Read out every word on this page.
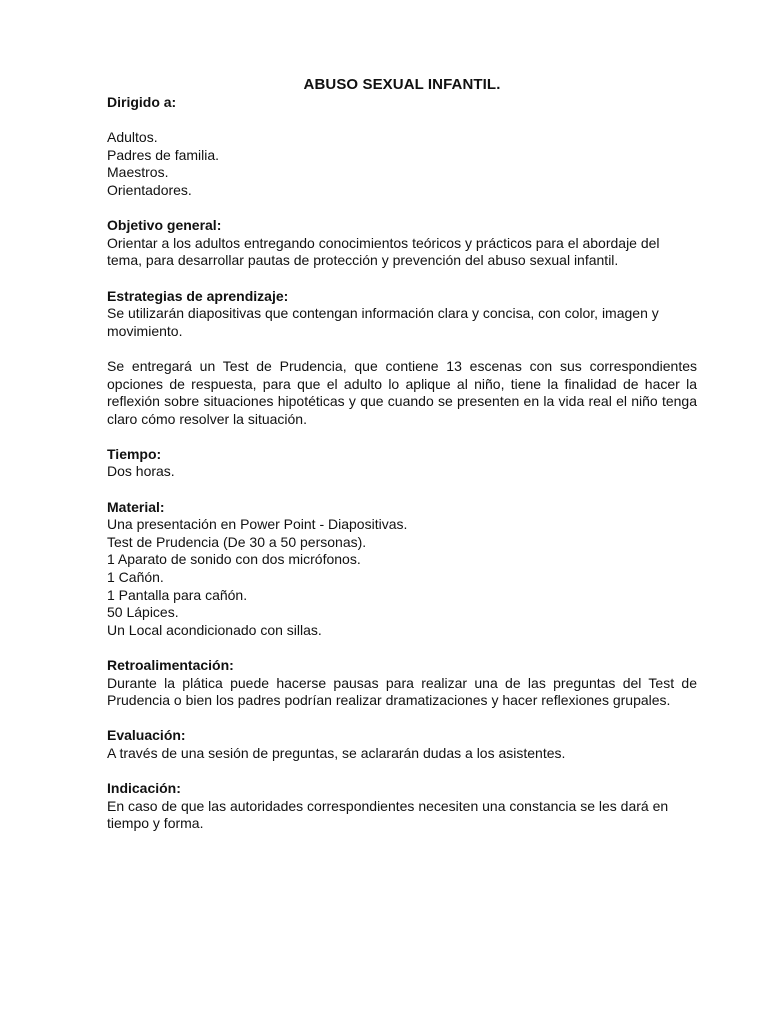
ABUSO SEXUAL INFANTIL.
Dirigido a:
Adultos.
Padres de familia.
Maestros.
Orientadores.
Objetivo general:
Orientar a los adultos entregando conocimientos teóricos y prácticos para el abordaje del tema, para desarrollar pautas de protección y prevención del abuso sexual infantil.
Estrategias de aprendizaje:
Se utilizarán diapositivas que contengan información clara y concisa, con color, imagen y movimiento.
Se entregará un Test de Prudencia, que contiene 13 escenas con sus correspondientes opciones de respuesta, para que el adulto lo aplique al niño, tiene la finalidad de hacer la reflexión sobre situaciones hipotéticas y que cuando se presenten en la vida real el niño tenga claro cómo resolver la situación.
Tiempo:
Dos horas.
Material:
Una presentación en Power Point - Diapositivas.
Test de Prudencia (De 30 a 50 personas).
1 Aparato de sonido con dos micrófonos.
1 Cañón.
1 Pantalla para cañón.
50 Lápices.
Un Local acondicionado con sillas.
Retroalimentación:
Durante la plática puede hacerse pausas para realizar una de las preguntas del Test de Prudencia o bien los padres podrían realizar dramatizaciones y hacer reflexiones grupales.
Evaluación:
A través de una sesión de preguntas, se aclararán dudas a los asistentes.
Indicación:
En caso de que las autoridades correspondientes necesiten una constancia se les dará en tiempo y forma.
